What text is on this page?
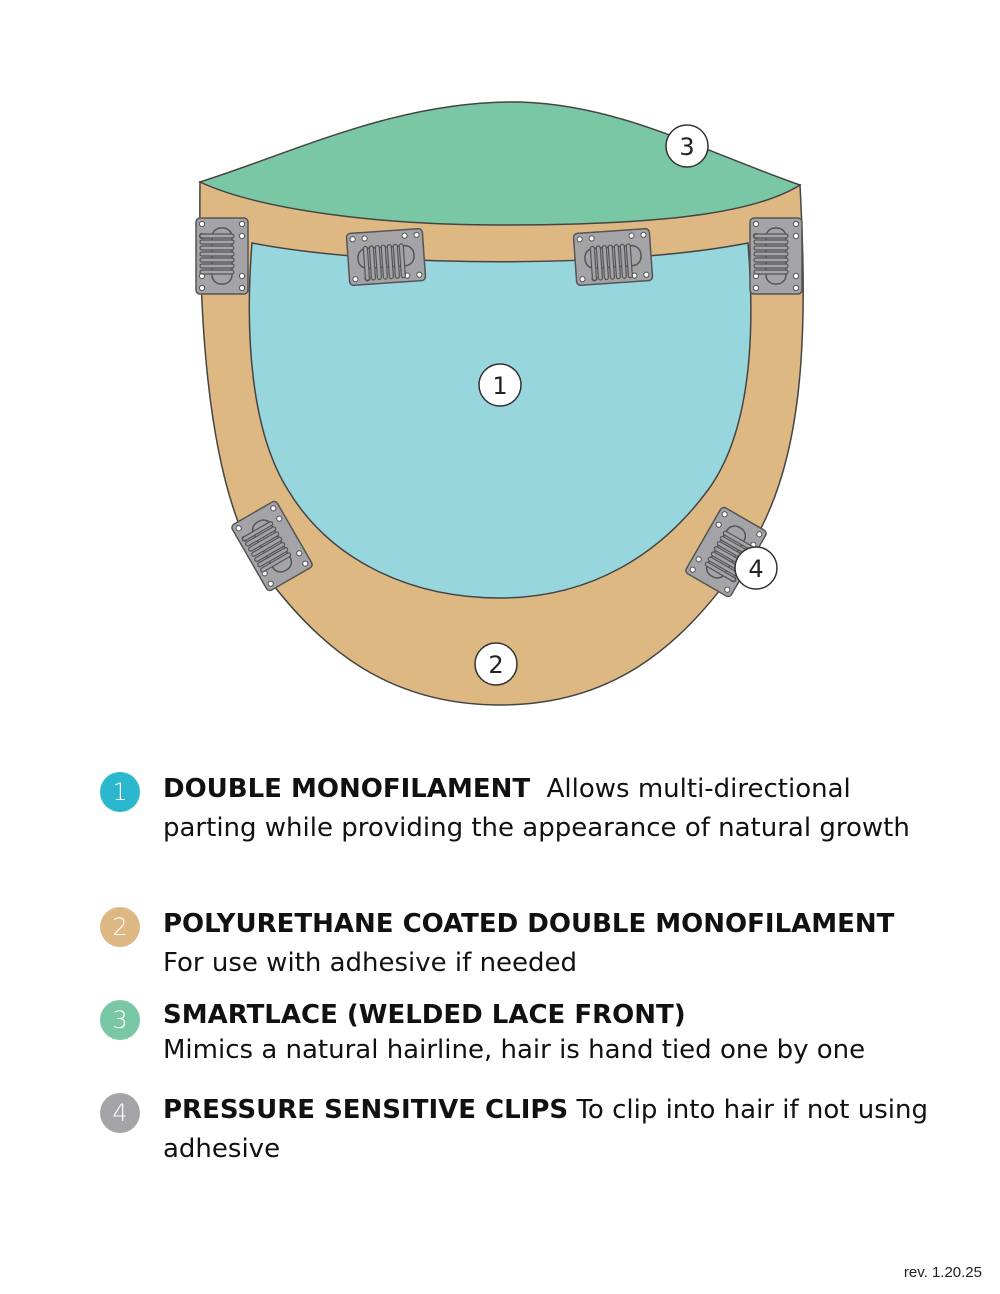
1
2
3
4
1	DOUBLE MONOFILAMENT Allows multi-directional parting while providing the appearance of natural growth
2	POLYURETHANE COATED DOUBLE MONOFILAMENT For use with adhesive if needed
3	SMARTLACE (WELDED LACE FRONT)
Mimics a natural hairline, hair is hand tied one by one
4	PRESSURE SENSITIVE CLIPS To clip into hair if not using adhesive
rev. 1.20.25
